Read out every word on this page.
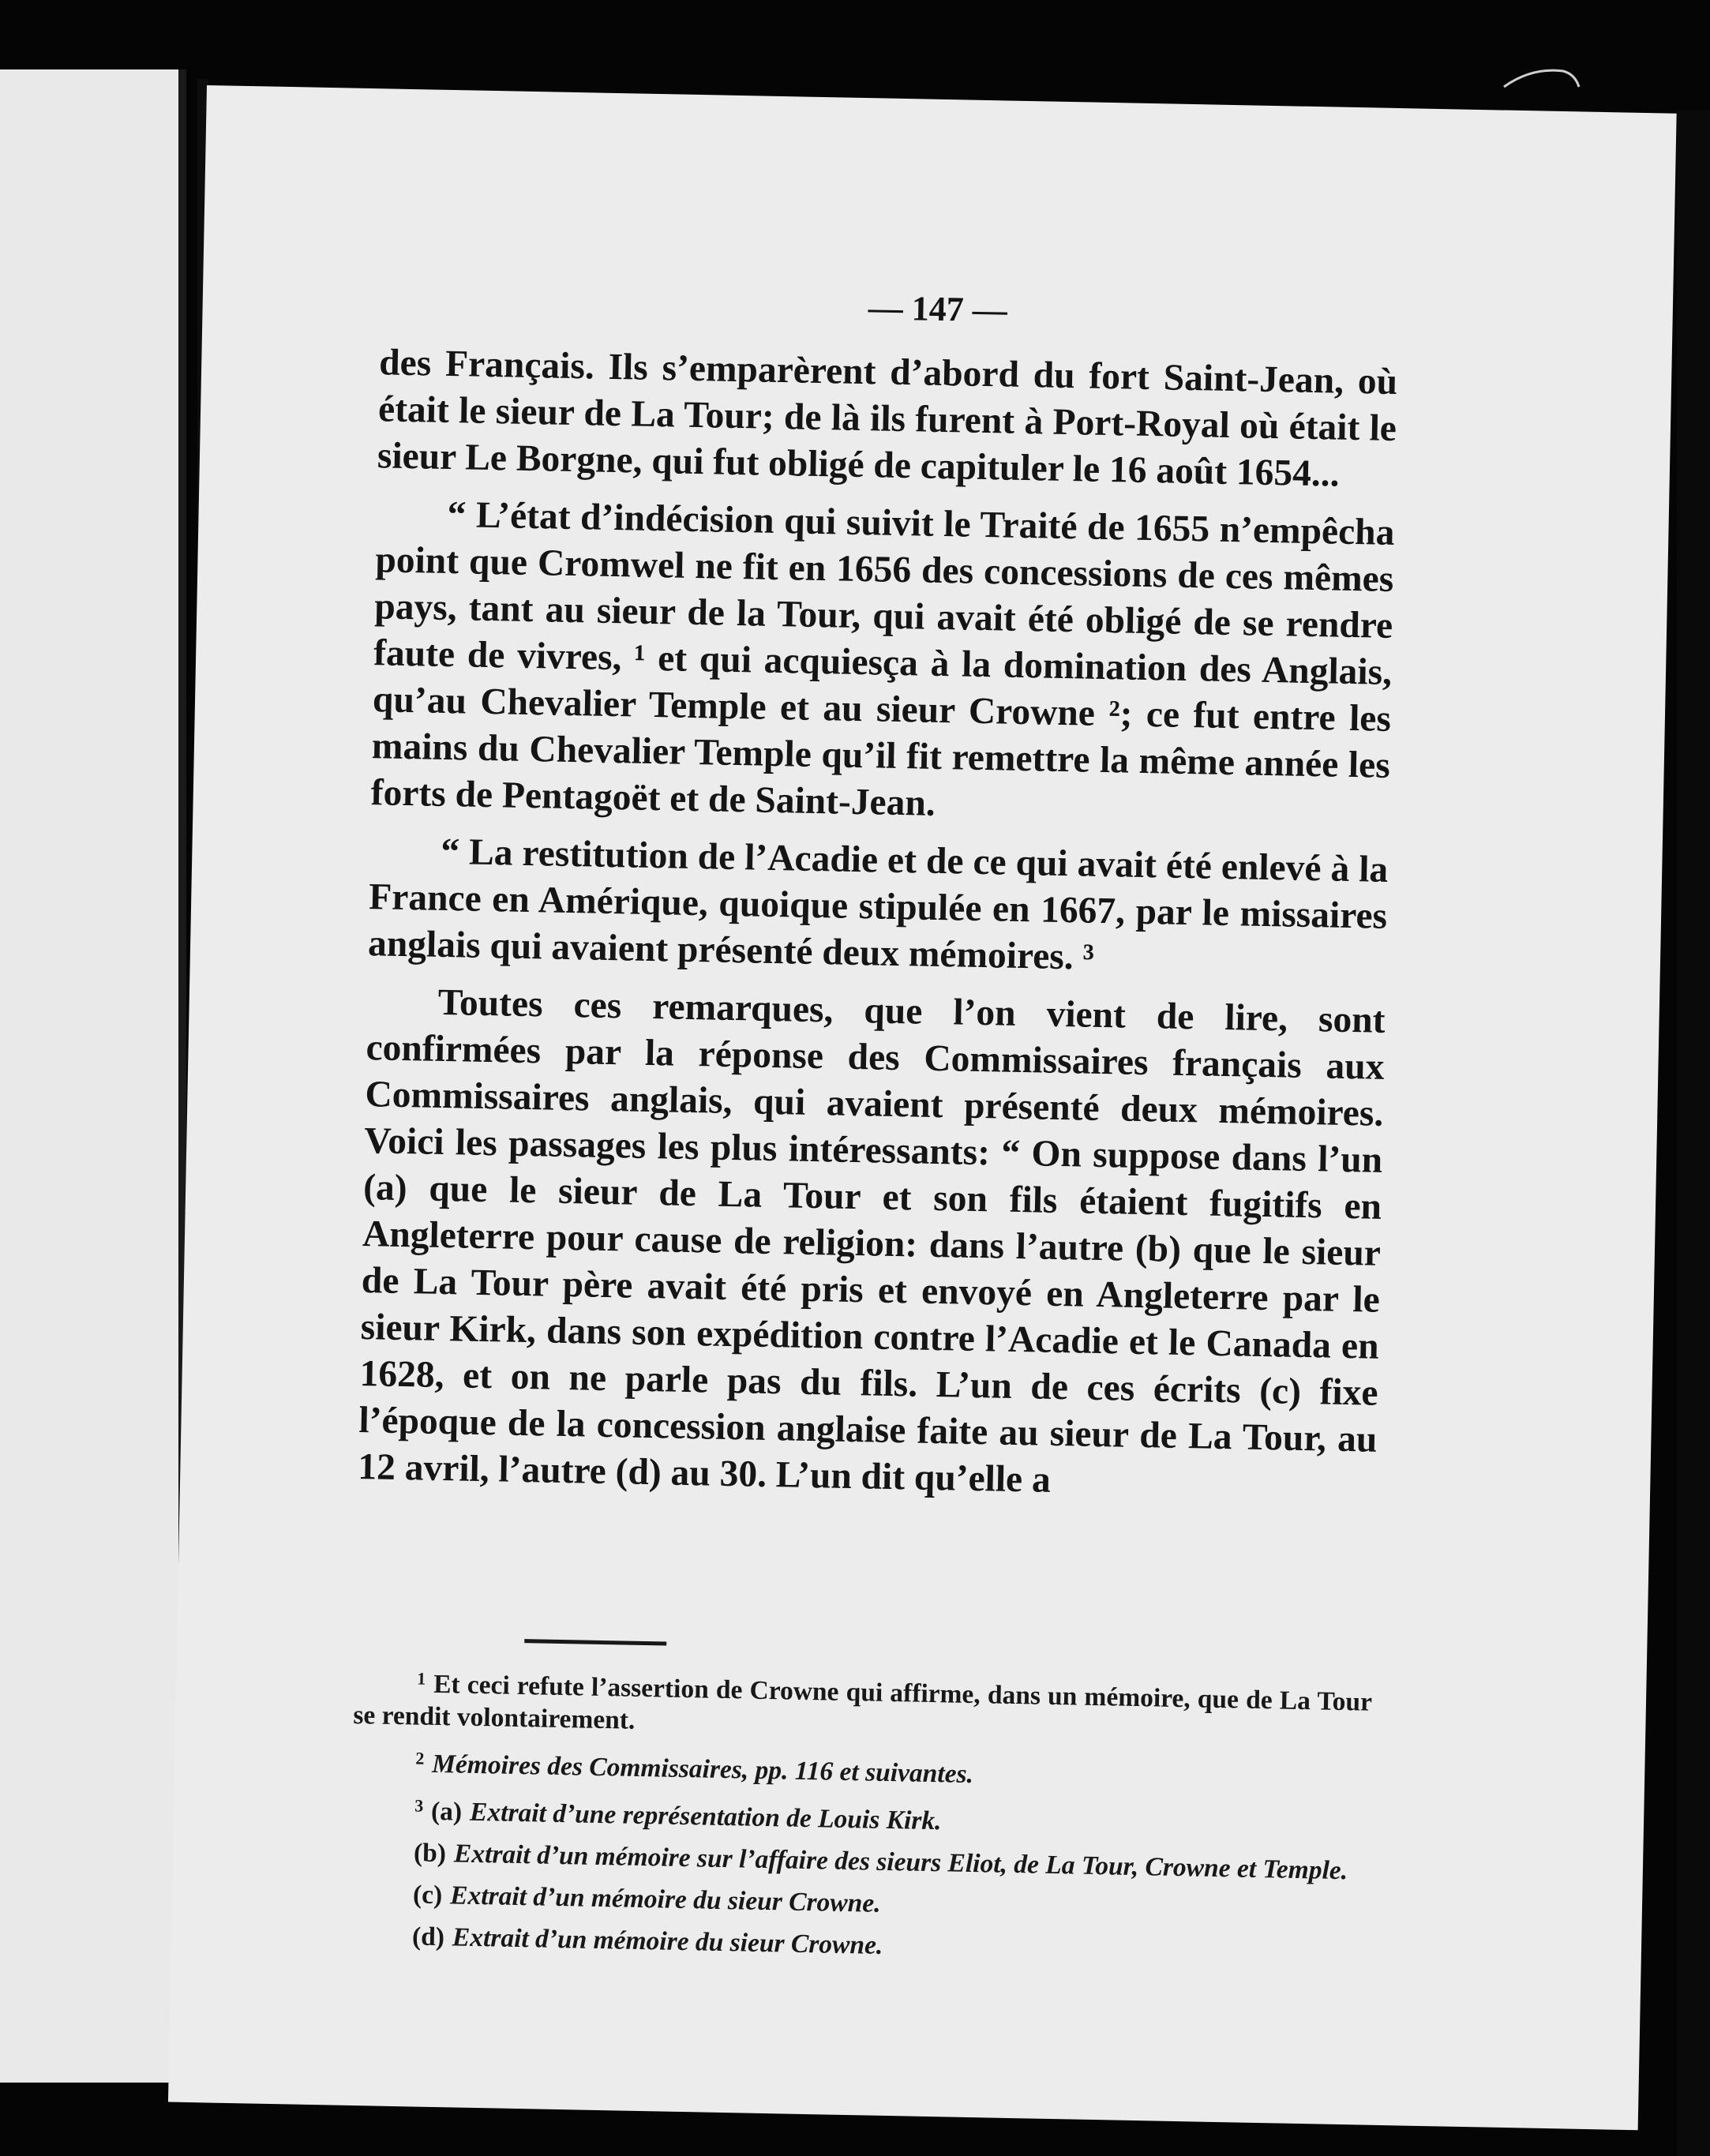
— 147 —

des Français. Ils s’emparèrent d’abord du fort Saint-Jean, où était le sieur de La Tour; de là ils furent à Port-Royal où était le sieur Le Borgne, qui fut obligé de capituler le 16 août 1654...

“ L’état d’indécision qui suivit le Traité de 1655 n’empêcha point que Cromwel ne fit en 1656 des concessions de ces mêmes pays, tant au sieur de la Tour, qui avait été obligé de se rendre faute de vivres, ¹ et qui acquiesça à la domination des Anglais, qu’au Chevalier Temple et au sieur Crowne ²; ce fut entre les mains du Chevalier Temple qu’il fit remettre la même année les forts de Pentagoët et de Saint-Jean.

“ La restitution de l’Acadie et de ce qui avait été enlevé à la France en Amérique, quoique stipulée en 1667, par le missaires anglais qui avaient présenté deux mémoires. ³

Toutes ces remarques, que l’on vient de lire, sont confirmées par la réponse des Commissaires français aux Commissaires anglais, qui avaient présenté deux mémoires. Voici les passages les plus intéressants: “ On suppose dans l’un (a) que le sieur de La Tour et son fils étaient fugitifs en Angleterre pour cause de religion: dans l’autre (b) que le sieur de La Tour père avait été pris et envoyé en Angleterre par le sieur Kirk, dans son expédition contre l’Acadie et le Canada en 1628, et on ne parle pas du fils. L’un de ces écrits (c) fixe l’époque de la concession anglaise faite au sieur de La Tour, au 12 avril, l’autre (d) au 30. L’un dit qu’elle a

$^1$ Et ceci refute l’assertion de Crowne qui affirme, dans un mémoire, que de La Tour se rendit volontairement.

$^2$ Mémoires des Commissaires, pp. 116 et suivantes.

$^3$ (a) Extrait d’une représentation de Louis Kirk.

(b) Extrait d’un mémoire sur l’affaire des sieurs Eliot, de La Tour, Crowne et Temple.

(c) Extrait d’un mémoire du sieur Crowne.

(d) Extrait d’un mémoire du sieur Crowne.
